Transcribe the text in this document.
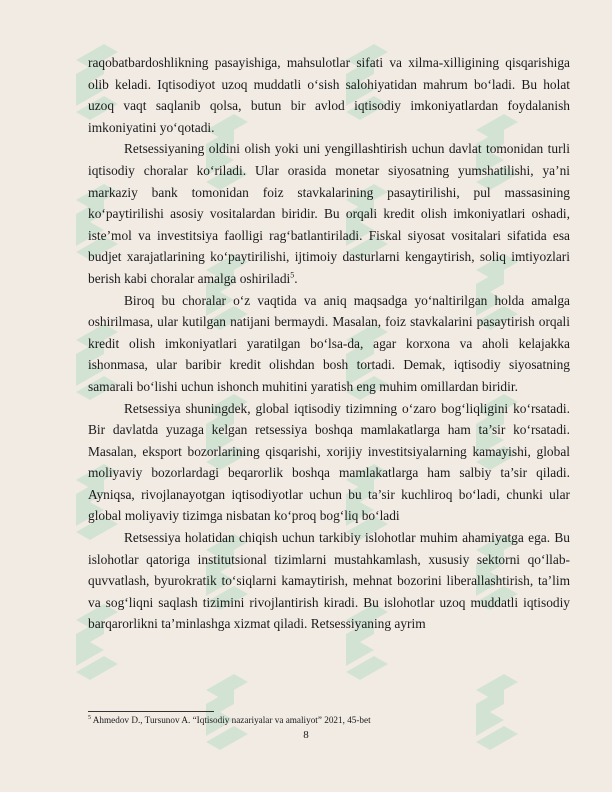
raqobatbardoshlikning pasayishiga, mahsulotlar sifati va xilma-xilligining qisqarishiga olib keladi. Iqtisodiyot uzoq muddatli o‘sish salohiyatidan mahrum bo‘ladi. Bu holat uzoq vaqt saqlanib qolsa, butun bir avlod iqtisodiy imkoniyatlardan foydalanish imkoniyatini yo‘qotadi.

Retsessiyaning oldini olish yoki uni yengillashtirish uchun davlat tomonidan turli iqtisodiy choralar ko‘riladi. Ular orasida monetar siyosatning yumshatilishi, ya’ni markaziy bank tomonidan foiz stavkalarining pasaytirilishi, pul massasining ko‘paytirilishi asosiy vositalardan biridir. Bu orqali kredit olish imkoniyatlari oshadi, iste’mol va investitsiya faolligi rag‘batlantiriladi. Fiskal siyosat vositalari sifatida esa budjet xarajatlarining ko‘paytirilishi, ijtimoiy dasturlarni kengaytirish, soliq imtiyozlari berish kabi choralar amalga oshiriladi$^5$.

Biroq bu choralar o‘z vaqtida va aniq maqsadga yo‘naltirilgan holda amalga oshirilmasa, ular kutilgan natijani bermaydi. Masalan, foiz stavkalarini pasaytirish orqali kredit olish imkoniyatlari yaratilgan bo‘lsa-da, agar korxona va aholi kelajakka ishonmasa, ular baribir kredit olishdan bosh tortadi. Demak, iqtisodiy siyosatning samarali bo‘lishi uchun ishonch muhitini yaratish eng muhim omillardan biridir.

Retsessiya shuningdek, global iqtisodiy tizimning o‘zaro bog‘liqligini ko‘rsatadi. Bir davlatda yuzaga kelgan retsessiya boshqa mamlakatlarga ham ta’sir ko‘rsatadi. Masalan, eksport bozorlarining qisqarishi, xorijiy investitsiyalarning kamayishi, global moliyaviy bozorlardagi beqarorlik boshqa mamlakatlarga ham salbiy ta’sir qiladi. Ayniqsa, rivojlanayotgan iqtisodiyotlar uchun bu ta’sir kuchliroq bo‘ladi, chunki ular global moliyaviy tizimga nisbatan ko‘proq bog‘liq bo‘ladi

Retsessiya holatidan chiqish uchun tarkibiy islohotlar muhim ahamiyatga ega. Bu islohotlar qatoriga institutsional tizimlarni mustahkamlash, xususiy sektorni qo‘llab-quvvatlash, byurokratik to‘siqlarni kamaytirish, mehnat bozorini liberallashtirish, ta’lim va sog‘liqni saqlash tizimini rivojlantirish kiradi. Bu islohotlar uzoq muddatli iqtisodiy barqarorlikni ta’minlashga xizmat qiladi. Retsessiyaning ayrim

$^5$ Ahmedov D., Tursunov A. “Iqtisodiy nazariyalar va amaliyot” 2021, 45-bet
8
